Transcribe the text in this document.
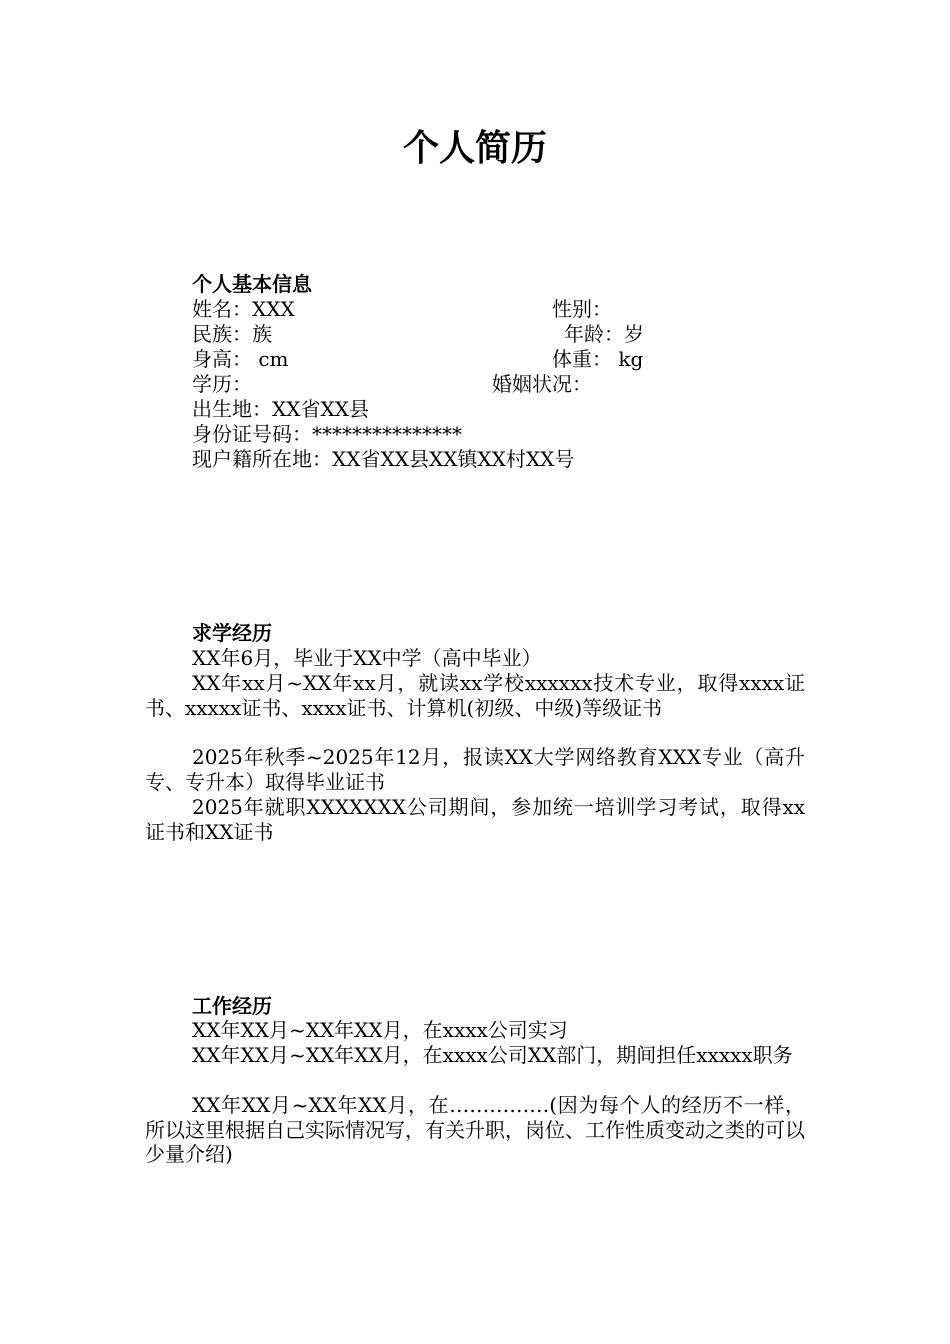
个人简历
个人基本信息

姓名：XXX	性别：

民族：族	年龄：岁

身高： cm	体重： kg

学历：	婚姻状况：

出生地：XX省XX县

身份证号码：***************

现户籍所在地：XX省XX县XX镇XX村XX号

求学经历

XX年6月，毕业于XX中学（高中毕业）

XX年xx月~XX年xx月，就读xx学校xxxxxx技术专业，取得xxxx证书、xxxxx证书、xxxx证书、计算机(初级、中级)等级证书

2025年秋季~2025年12月，报读XX大学网络教育XXX专业（高升专、专升本）取得毕业证书

2025年就职XXXXXXX公司期间，参加统一培训学习考试，取得xx证书和XX证书

工作经历

XX年XX月~XX年XX月，在xxxx公司实习

XX年XX月~XX年XX月，在xxxx公司XX部门，期间担任xxxxx职务

XX年XX月~XX年XX月，在……………(因为每个人的经历不一样，所以这里根据自己实际情况写，有关升职，岗位、工作性质变动之类的可以少量介绍)
